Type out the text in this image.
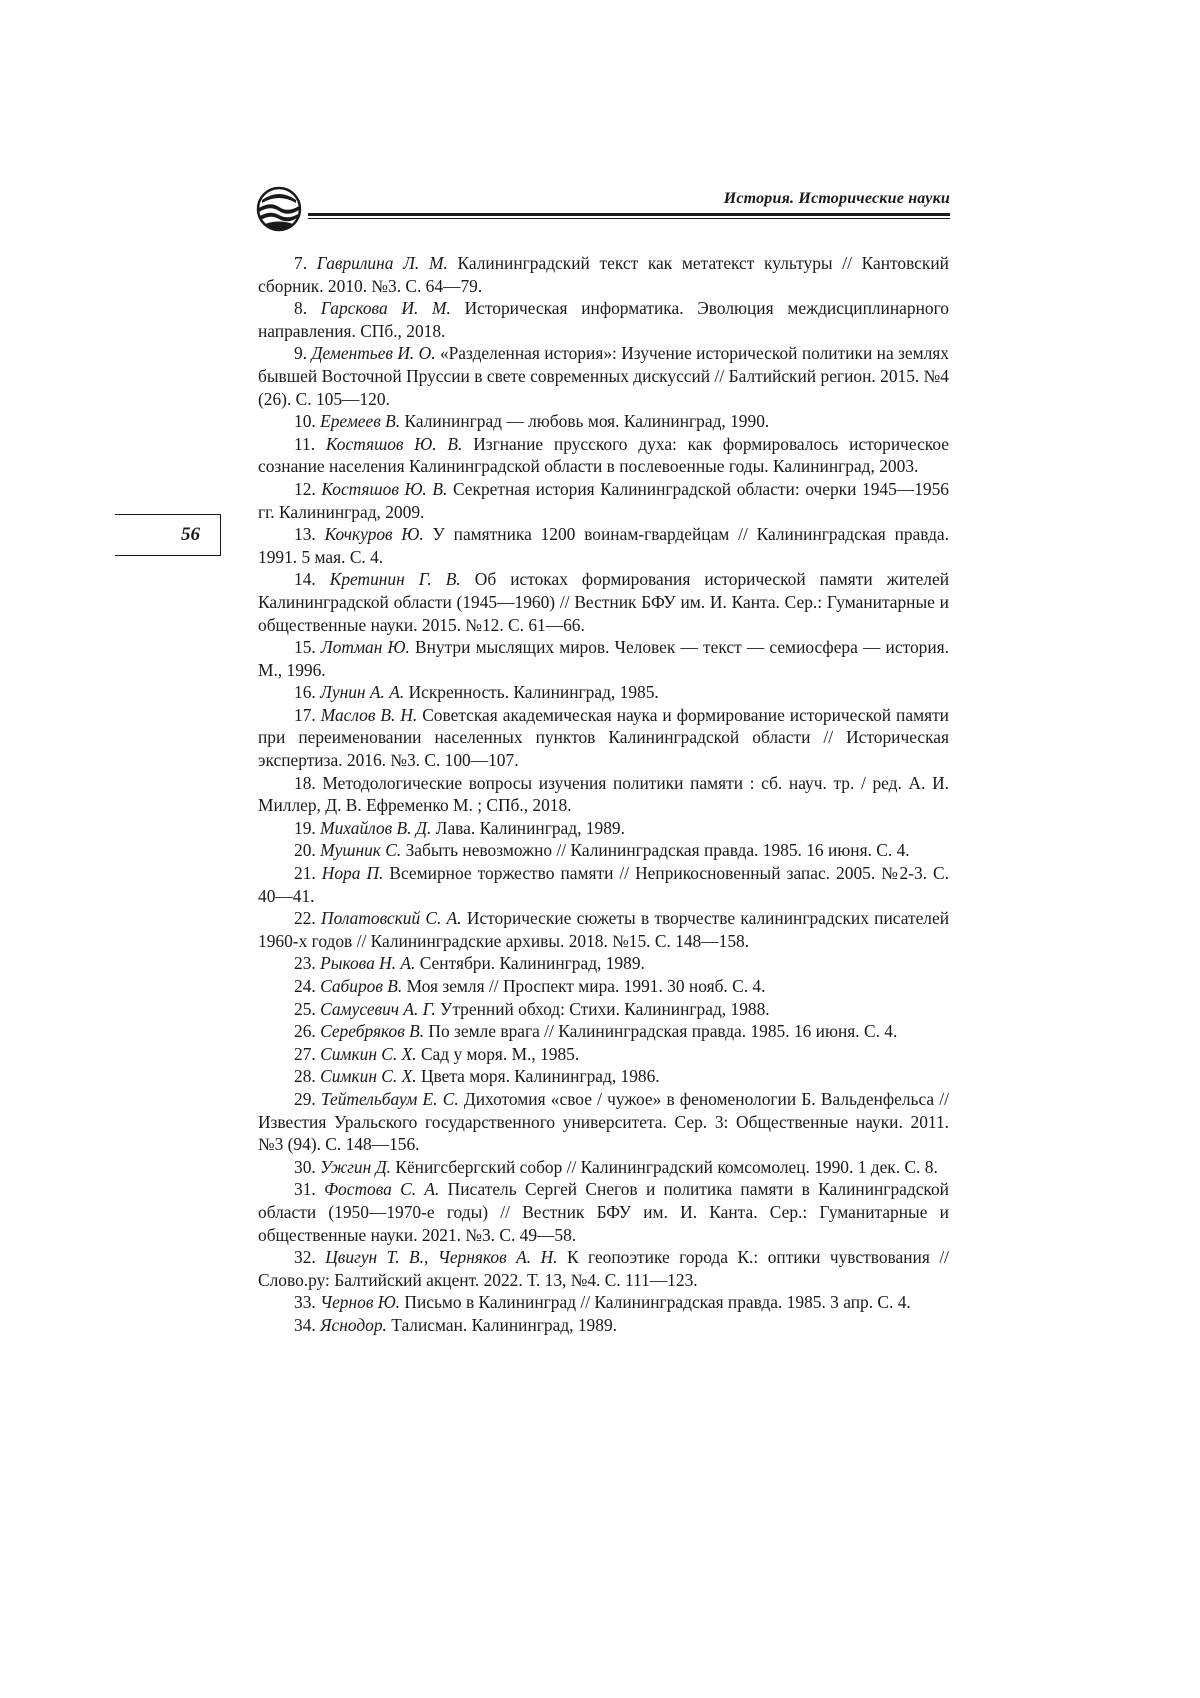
История. Исторические науки
56

7. Гаврилина Л. М. Калининградский текст как метатекст культуры // Кантовский сборник. 2010. №3. С. 64—79.

8. Гарскова И. М. Историческая информатика. Эволюция междисциплинарного направления. СПб., 2018.

9. Дементьев И. О. «Разделенная история»: Изучение исторической политики на землях бывшей Восточной Пруссии в свете современных дискуссий // Балтийский регион. 2015. №4 (26). С. 105—120.

10. Еремеев В. Калининград — любовь моя. Калининград, 1990.

11. Костяшов Ю. В. Изгнание прусского духа: как формировалось историческое сознание населения Калининградской области в послевоенные годы. Калининград, 2003.

12. Костяшов Ю. В. Секретная история Калининградской области: очерки 1945—1956 гг. Калининград, 2009.

13. Кочкуров Ю. У памятника 1200 воинам-гвардейцам // Калининградская правда. 1991. 5 мая. С. 4.

14. Кретинин Г. В. Об истоках формирования исторической памяти жителей Калининградской области (1945—1960) // Вестник БФУ им. И. Канта. Сер.: Гуманитарные и общественные науки. 2015. №12. С. 61—66.

15. Лотман Ю. Внутри мыслящих миров. Человек — текст — семиосфера — история. М., 1996.

16. Лунин А. А. Искренность. Калининград, 1985.

17. Маслов В. Н. Советская академическая наука и формирование исторической памяти при переименовании населенных пунктов Калининградской области // Историческая экспертиза. 2016. №3. С. 100—107.

18. Методологические вопросы изучения политики памяти : сб. науч. тр. / ред. А. И. Миллер, Д. В. Ефременко М. ; СПб., 2018.

19. Михайлов В. Д. Лава. Калининград, 1989.

20. Мушник С. Забыть невозможно // Калининградская правда. 1985. 16 июня. С. 4.

21. Нора П. Всемирное торжество памяти // Неприкосновенный запас. 2005. №2-3. С. 40—41.

22. Полатовский С. А. Исторические сюжеты в творчестве калининградских писателей 1960-х годов // Калининградские архивы. 2018. №15. С. 148—158.

23. Рыкова Н. А. Сентябри. Калининград, 1989.

24. Сабиров В. Моя земля // Проспект мира. 1991. 30 нояб. С. 4.

25. Самусевич А. Г. Утренний обход: Стихи. Калининград, 1988.

26. Серебряков В. По земле врага // Калининградская правда. 1985. 16 июня. С. 4.

27. Симкин С. Х. Сад у моря. М., 1985.

28. Симкин С. Х. Цвета моря. Калининград, 1986.

29. Тейтельбаум Е. С. Дихотомия «свое / чужое» в феноменологии Б. Вальденфельса // Известия Уральского государственного университета. Сер. 3: Общественные науки. 2011. №3 (94). С. 148—156.

30. Ужгин Д. Кёнигсбергский собор // Калининградский комсомолец. 1990. 1 дек. С. 8.

31. Фостова С. А. Писатель Сергей Снегов и политика памяти в Калининградской области (1950—1970-е годы) // Вестник БФУ им. И. Канта. Сер.: Гуманитарные и общественные науки. 2021. №3. С. 49—58.

32. Цвигун Т. В., Черняков А. Н. К геопоэтике города К.: оптики чувствования // Слово.ру: Балтийский акцент. 2022. Т. 13, №4. С. 111—123.

33. Чернов Ю. Письмо в Калининград // Калининградская правда. 1985. 3 апр. С. 4.

34. Яснодор. Талисман. Калининград, 1989.
